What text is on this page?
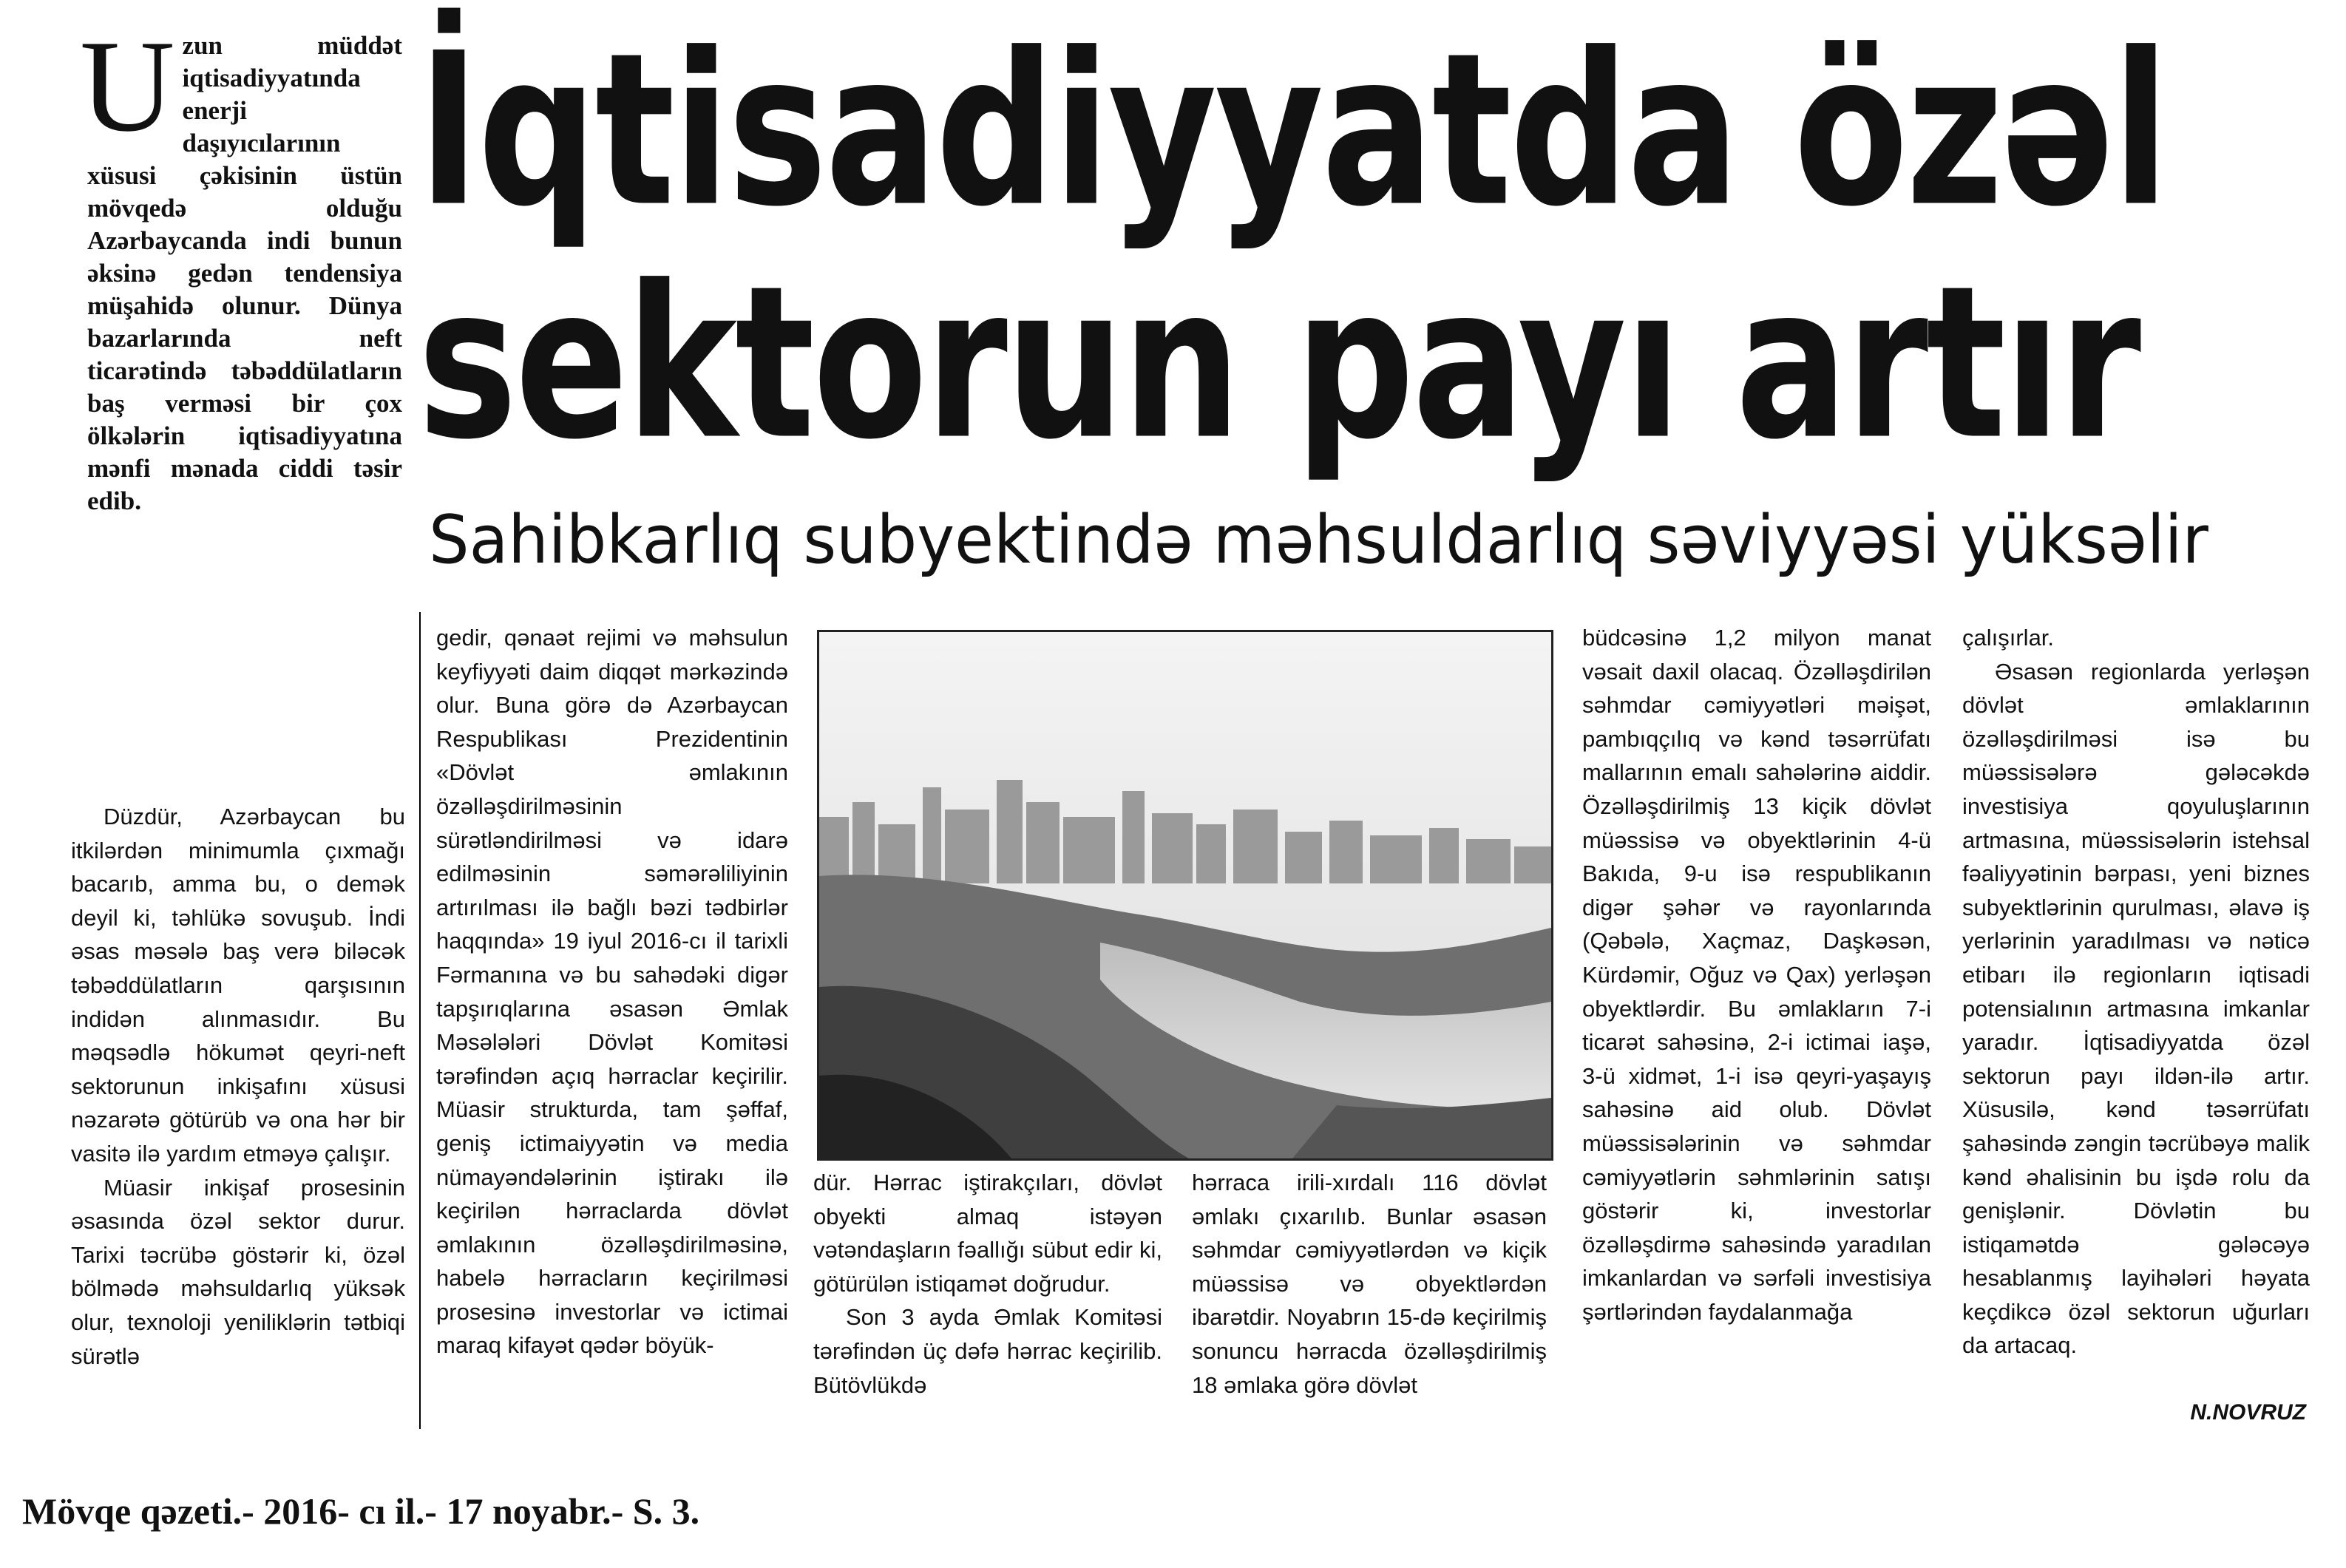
U zun müddət iqtisadiyyatında enerji daşıyıcılarının xüsusi çəkisinin üstün mövqedə olduğu Azərbaycanda indi bunun əksinə gedən tendensiya müşahidə olunur. Dünya bazarlarında neft ticarətində təbəddülatların baş verməsi bir çox ölkələrin iqtisadiyyatına mənfi mənada ciddi təsir edib.
İqtisadiyyatda özəl
sektorun payı artır
Sahibkarlıq subyektində məhsuldarlıq səviyyəsi yüksəlir

Düzdür, Azərbaycan bu itkilərdən minimumla çıxmağı bacarıb, amma bu, o demək deyil ki, təhlükə sovuşub. İndi əsas məsələ baş verə biləcək təbəddülatların qarşısının indidən alınmasıdır. Bu məqsədlə hökumət qeyri-neft sektorunun inkişafını xüsusi nəzarətə götürüb və ona hər bir vasitə ilə yardım etməyə çalışır.

Müasir inkişaf prosesinin əsasında özəl sektor durur. Tarixi təcrübə göstərir ki, özəl bölmədə məhsuldarlıq yüksək olur, texnoloji yeniliklərin tətbiqi sürətlə

gedir, qənaət rejimi və məhsulun keyfiyyəti daim diqqət mərkəzində olur. Buna görə də Azərbaycan Respublikası Prezidentinin «Dövlət əmlakının özəlləşdirilməsinin sürətləndirilməsi və idarə edilməsinin səmərəliliyinin artırılması ilə bağlı bəzi tədbirlər haqqında» 19 iyul 2016-cı il tarixli Fərmanına və bu sahədəki digər tapşırıqlarına əsasən Əmlak Məsələləri Dövlət Komitəsi tərəfindən açıq hərraclar keçirilir. Müasir strukturda, tam şəffaf, geniş ictimaiyyətin və media nümayəndələrinin iştirakı ilə keçirilən hərraclarda dövlət əmlakının özəlləşdirilməsinə, habelə hərracların keçirilməsi prosesinə investorlar və ictimai maraq kifayət qədər böyük-

dür. Hərrac iştirakçıları, dövlət obyekti almaq istəyən vətəndaşların fəallığı sübut edir ki, götürülən istiqamət doğrudur.

Son 3 ayda Əmlak Komitəsi tərəfindən üç dəfə hərrac keçirilib. Bütövlükdə

hərraca irili-xırdalı 116 dövlət əmlakı çıxarılıb. Bunlar əsasən səhmdar cəmiyyətlərdən və kiçik müəssisə və obyektlərdən ibarətdir. Noyabrın 15-də keçirilmiş sonuncu hərracda özəlləşdirilmiş 18 əmlaka görə dövlət

büdcəsinə 1,2 milyon manat vəsait daxil olacaq. Özəlləşdirilən səhmdar cəmiyyətləri məişət, pambıqçılıq və kənd təsərrüfatı mallarının emalı sahələrinə aiddir. Özəlləşdirilmiş 13 kiçik dövlət müəssisə və obyektlərinin 4-ü Bakıda, 9-u isə respublikanın digər şəhər və rayonlarında (Qəbələ, Xaçmaz, Daşkəsən, Kürdəmir, Oğuz və Qax) yerləşən obyektlərdir. Bu əmlakların 7-i ticarət sahəsinə, 2-i ictimai iaşə, 3-ü xidmət, 1-i isə qeyri-yaşayış sahəsinə aid olub. Dövlət müəssisələrinin və səhmdar cəmiyyətlərin səhmlərinin satışı göstərir ki, investorlar özəlləşdirmə sahəsində yaradılan imkanlardan və sərfəli investisiya şərtlərindən faydalanmağa

çalışırlar.

Əsasən regionlarda yerləşən dövlət əmlaklarının özəlləşdirilməsi isə bu müəssisələrə gələcəkdə investisiya qoyuluşlarının artmasına, müəssisələrin istehsal fəaliyyətinin bərpası, yeni biznes subyektlərinin qurulması, əlavə iş yerlərinin yaradılması və nəticə etibarı ilə regionların iqtisadi potensialının artmasına imkanlar yaradır. İqtisadiyyatda özəl sektorun payı ildən-ilə artır. Xüsusilə, kənd təsərrüfatı şahəsində zəngin təcrübəyə malik kənd əhalisinin bu işdə rolu da genişlənir. Dövlətin bu istiqamətdə gələcəyə hesablanmış layihələri həyata keçdikcə özəl sektorun uğurları da artacaq.

N.NOVRUZ
Mövqe qəzeti.- 2016- cı il.- 17 noyabr.- S. 3.
